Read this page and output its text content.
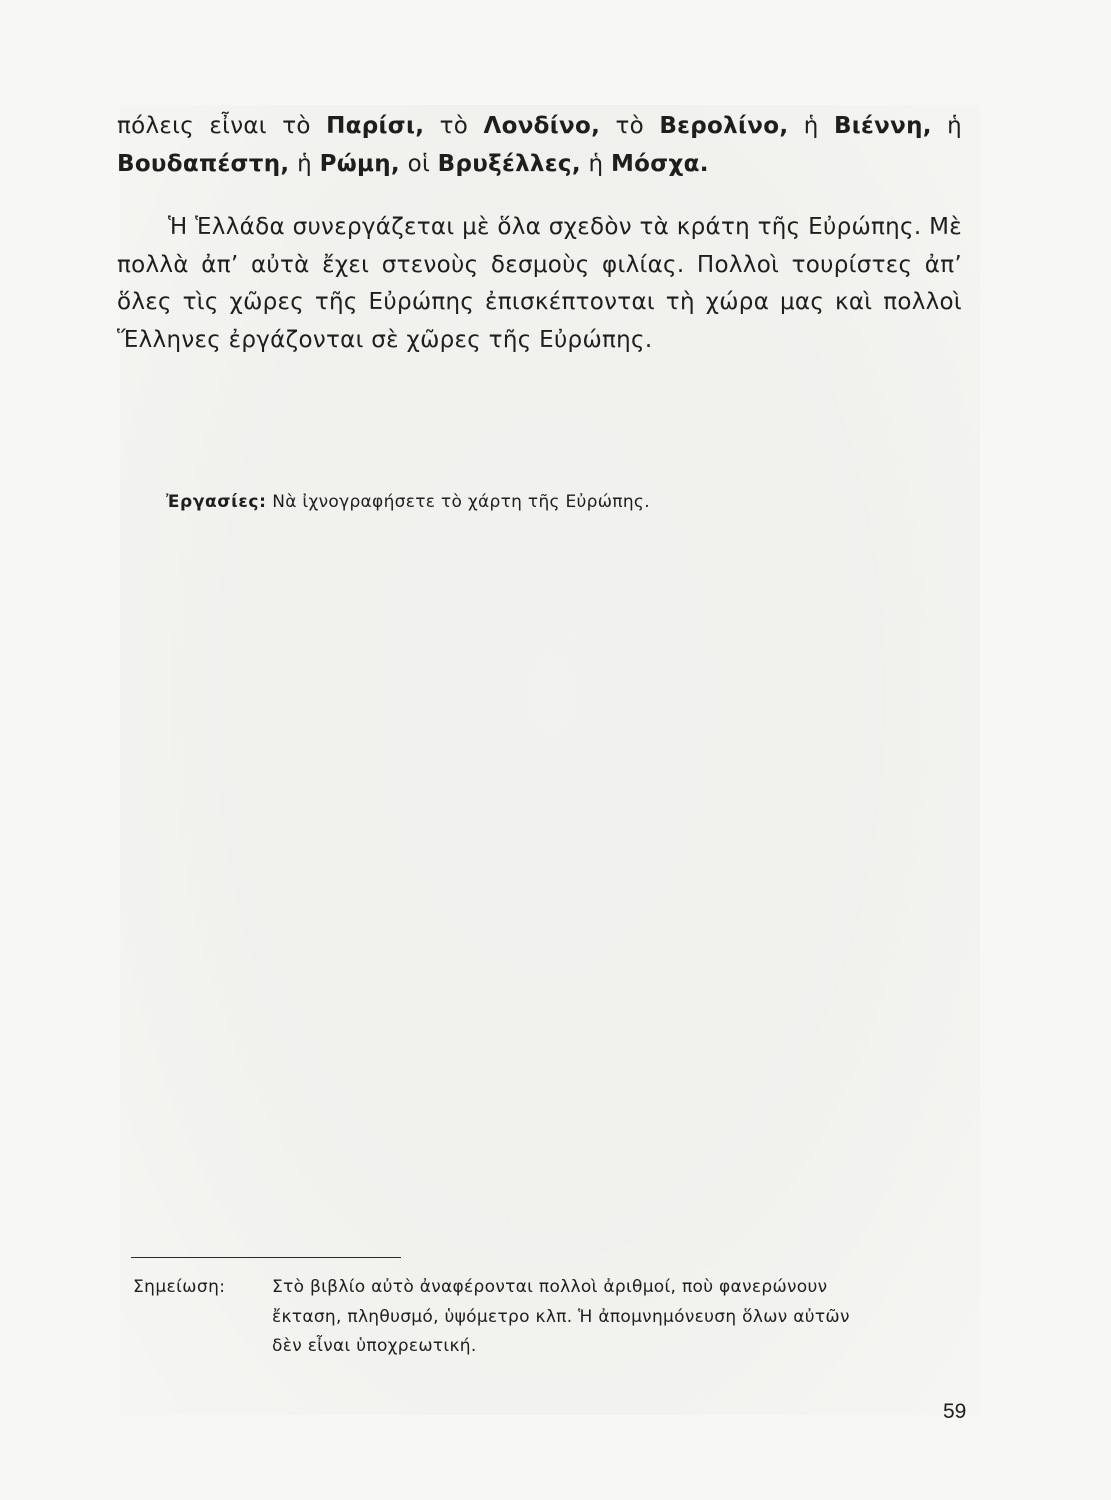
πόλεις εἶναι τὸ Παρίσι, τὸ Λονδίνο, τὸ Βερολίνο, ἡ Βιέννη, ἡ Βουδαπέστη, ἡ Ρώμη, οἱ Βρυξέλλες, ἡ Μόσχα.

Ἡ Ἑλλάδα συνεργάζεται μὲ ὅλα σχεδὸν τὰ κράτη τῆς Εὐρώπης. Μὲ πολλὰ ἀπ’ αὐτὰ ἔχει στενοὺς δεσμοὺς φιλίας. Πολλοὶ τουρίστες ἀπ’ ὅλες τὶς χῶρες τῆς Εὐρώπης ἐπισκέπτονται τὴ χώρα μας καὶ πολλοὶ Ἕλληνες ἐργάζονται σὲ χῶρες τῆς Εὐρώπης.

Ἐργασίες: Νὰ ἰχνογραφήσετε τὸ χάρτη τῆς Εὐρώπης.
Σημείωση:	Στὸ βιβλίο αὐτὸ ἀναφέρονται πολλοὶ ἀριθμοί, ποὺ φανερώνουν
ἔκταση, πληθυσμό, ὑψόμετρο κλπ. Ἡ ἀπομνημόνευση ὅλων αὐτῶν
δὲν εἶναι ὑποχρεωτική.
59
